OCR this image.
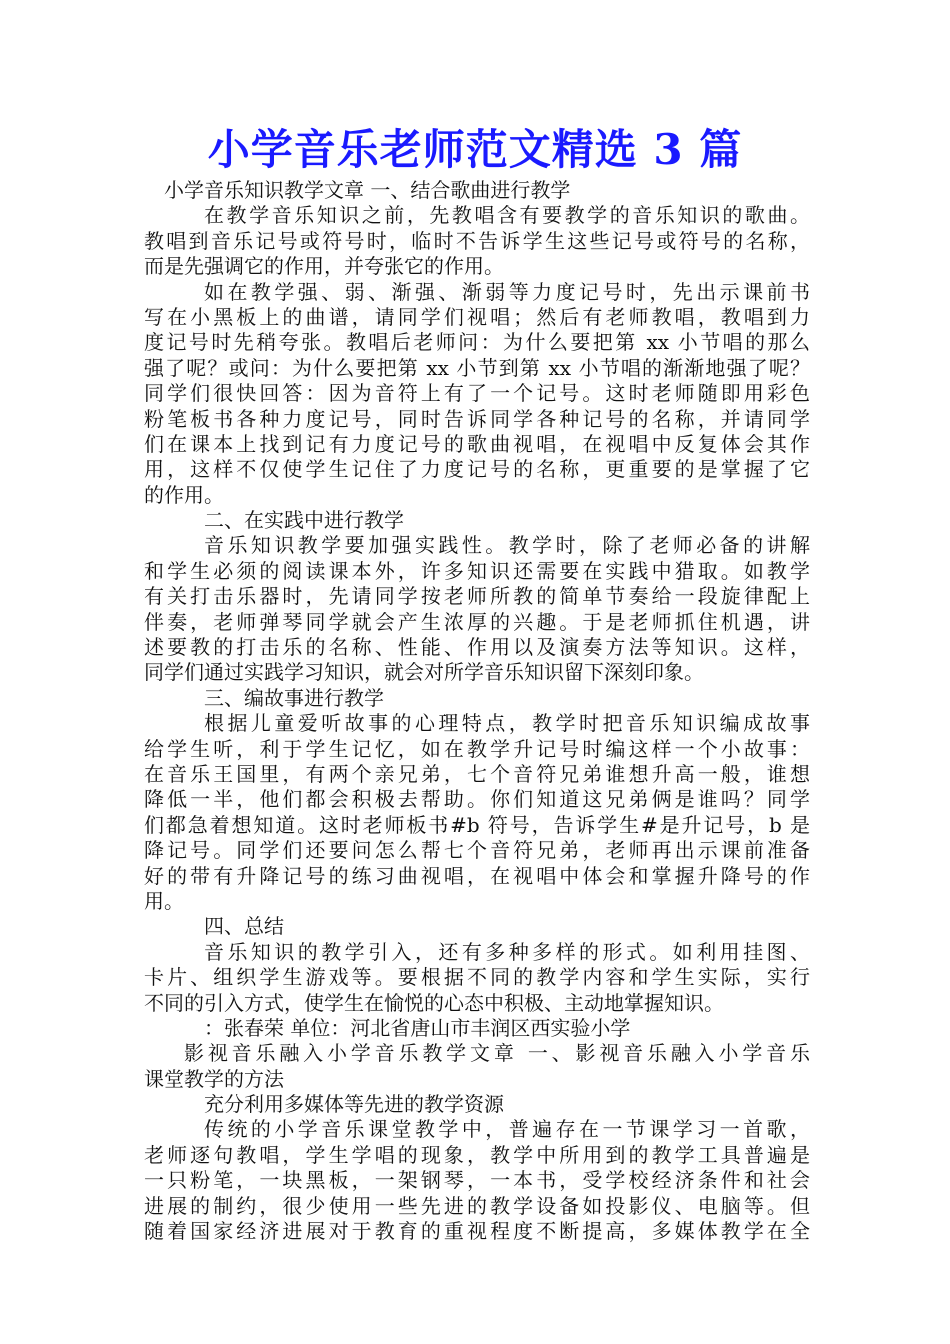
小学音乐老师范文精选 3 篇
小学音乐知识教学文章 一、结合歌曲进行教学
在教学音乐知识之前，先教唱含有要教学的音乐知识的歌曲。
教唱到音乐记号或符号时，临时不告诉学生这些记号或符号的名称，
而是先强调它的作用，并夸张它的作用。
如在教学强、弱、渐强、渐弱等力度记号时，先出示课前书
写在小黑板上的曲谱，请同学们视唱；然后有老师教唱，教唱到力
度记号时先稍夸张。教唱后老师问：为什么要把第 xx 小节唱的那么
强了呢？或问：为什么要把第 xx 小节到第 xx 小节唱的渐渐地强了呢？
同学们很快回答：因为音符上有了一个记号。这时老师随即用彩色
粉笔板书各种力度记号，同时告诉同学各种记号的名称，并请同学
们在课本上找到记有力度记号的歌曲视唱，在视唱中反复体会其作
用，这样不仅使学生记住了力度记号的名称，更重要的是掌握了它
的作用。
二、在实践中进行教学
音乐知识教学要加强实践性。教学时，除了老师必备的讲解
和学生必须的阅读课本外，许多知识还需要在实践中猎取。如教学
有关打击乐器时，先请同学按老师所教的简单节奏给一段旋律配上
伴奏，老师弹琴同学就会产生浓厚的兴趣。于是老师抓住机遇，讲
述要教的打击乐的名称、性能、作用以及演奏方法等知识。这样，
同学们通过实践学习知识，就会对所学音乐知识留下深刻印象。
三、编故事进行教学
根据儿童爱听故事的心理特点，教学时把音乐知识编成故事
给学生听，利于学生记忆，如在教学升记号时编这样一个小故事：
在音乐王国里，有两个亲兄弟，七个音符兄弟谁想升高一般，谁想
降低一半，他们都会积极去帮助。你们知道这兄弟俩是谁吗？同学
们都急着想知道。这时老师板书#b 符号，告诉学生#是升记号，b 是
降记号。同学们还要问怎么帮七个音符兄弟，老师再出示课前准备
好的带有升降记号的练习曲视唱，在视唱中体会和掌握升降号的作
用。
四、总结
音乐知识的教学引入，还有多种多样的形式。如利用挂图、
卡片、组织学生游戏等。要根据不同的教学内容和学生实际，实行
不同的引入方式，使学生在愉悦的心态中积极、主动地掌握知识。
：张春荣 单位：河北省唐山市丰润区西实验小学
影视音乐融入小学音乐教学文章 一、影视音乐融入小学音乐
课堂教学的方法
充分利用多媒体等先进的教学资源
传统的小学音乐课堂教学中，普遍存在一节课学习一首歌，
老师逐句教唱，学生学唱的现象，教学中所用到的教学工具普遍是
一只粉笔，一块黑板，一架钢琴，一本书，受学校经济条件和社会
进展的制约，很少使用一些先进的教学设备如投影仪、电脑等。但
随着国家经济进展对于教育的重视程度不断提高，多媒体教学在全
